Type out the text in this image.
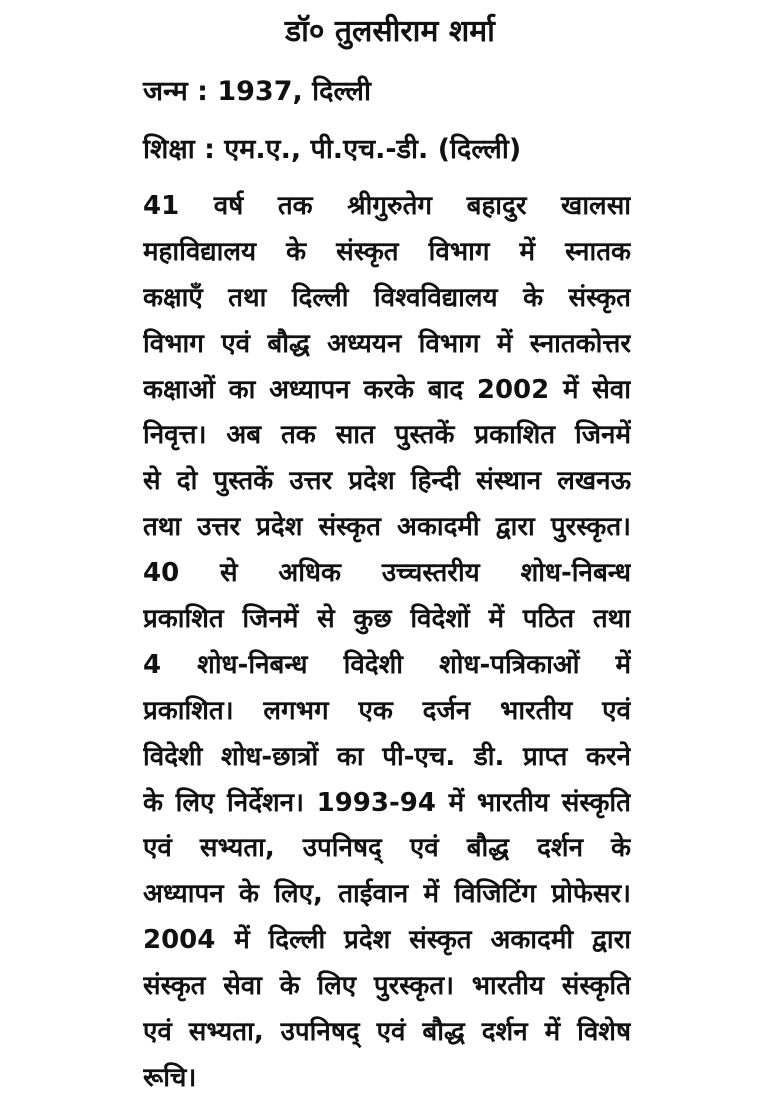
डॉ० तुलसीराम शर्मा
जन्म : 1937, दिल्ली
शिक्षा : एम.ए., पी.एच.-डी. (दिल्ली)
41 वर्ष तक श्रीगुरुतेग बहादुर खालसा
महाविद्यालय के संस्कृत विभाग में स्नातक
कक्षाएँ तथा दिल्ली विश्वविद्यालय के संस्कृत
विभाग एवं बौद्ध अध्ययन विभाग में स्नातकोत्तर
कक्षाओं का अध्यापन करके बाद 2002 में सेवा
निवृत्त। अब तक सात पुस्तकें प्रकाशित जिनमें
से दो पुस्तकें उत्तर प्रदेश हिन्दी संस्थान लखनऊ
तथा उत्तर प्रदेश संस्कृत अकादमी द्वारा पुरस्कृत।
40 से अधिक उच्चस्तरीय शोध-निबन्ध
प्रकाशित जिनमें से कुछ विदेशों में पठित तथा
4 शोध-निबन्ध विदेशी शोध-पत्रिकाओं में
प्रकाशित। लगभग एक दर्जन भारतीय एवं
विदेशी शोध-छात्रों का पी-एच. डी. प्राप्त करने
के लिए निर्देशन। 1993-94 में भारतीय संस्कृति
एवं सभ्यता, उपनिषद् एवं बौद्ध दर्शन के
अध्यापन के लिए, ताईवान में विजिटिंग प्रोफेसर।
2004 में दिल्ली प्रदेश संस्कृत अकादमी द्वारा
संस्कृत सेवा के लिए पुरस्कृत। भारतीय संस्कृति
एवं सभ्यता, उपनिषद् एवं बौद्ध दर्शन में विशेष
रूचि।
